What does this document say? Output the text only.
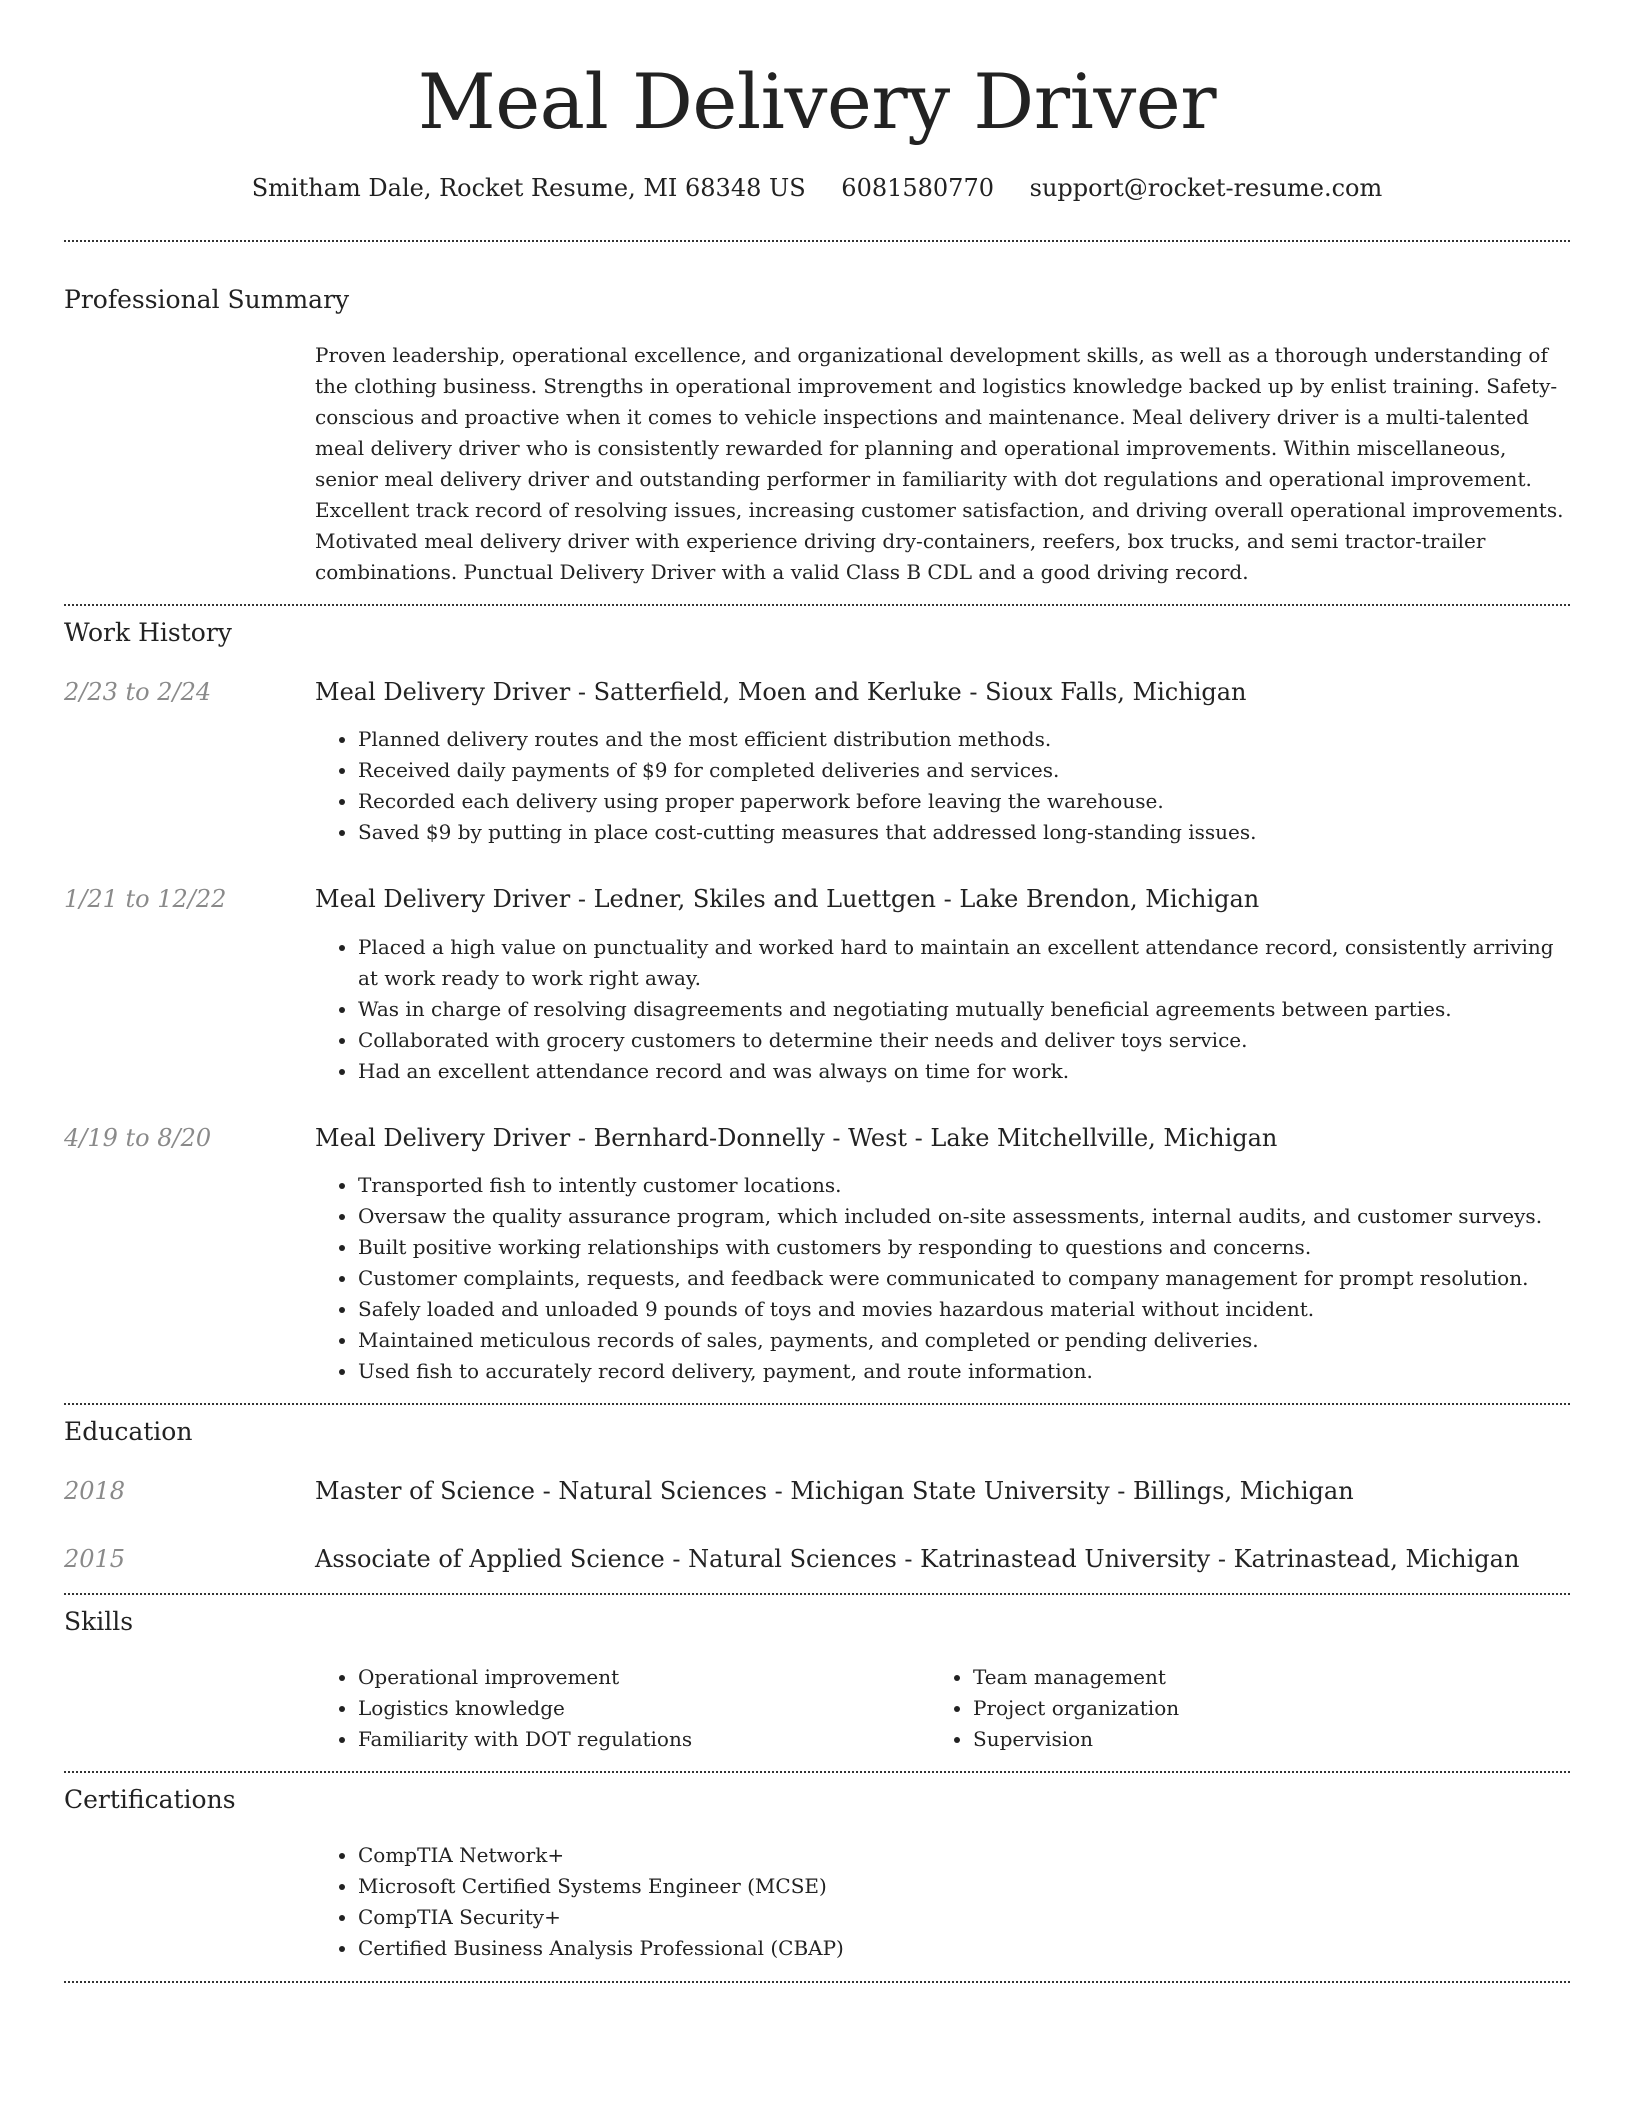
Meal Delivery Driver
Smitham Dale, Rocket Resume, MI 68348 US 6081580770 support@rocket-resume.com
Professional Summary
Proven leadership, operational excellence, and organizational development skills, as well as a thorough understanding of the clothing business. Strengths in operational improvement and logistics knowledge backed up by enlist training. Safety-conscious and proactive when it comes to vehicle inspections and maintenance. Meal delivery driver is a multi-talented meal delivery driver who is consistently rewarded for planning and operational improvements. Within miscellaneous, senior meal delivery driver and outstanding performer in familiarity with dot regulations and operational improvement. Excellent track record of resolving issues, increasing customer satisfaction, and driving overall operational improvements. Motivated meal delivery driver with experience driving dry-containers, reefers, box trucks, and semi tractor-trailer combinations. Punctual Delivery Driver with a valid Class B CDL and a good driving record.
Work History
2/23 to 2/24	Meal Delivery Driver - Satterfield, Moen and Kerluke - Sioux Falls, Michigan
• Planned delivery routes and the most efficient distribution methods.
• Received daily payments of $9 for completed deliveries and services.
• Recorded each delivery using proper paperwork before leaving the warehouse.
• Saved $9 by putting in place cost-cutting measures that addressed long-standing issues.
1/21 to 12/22	Meal Delivery Driver - Ledner, Skiles and Luettgen - Lake Brendon, Michigan
• Placed a high value on punctuality and worked hard to maintain an excellent attendance record, consistently arriving at work ready to work right away.
• Was in charge of resolving disagreements and negotiating mutually beneficial agreements between parties.
• Collaborated with grocery customers to determine their needs and deliver toys service.
• Had an excellent attendance record and was always on time for work.
4/19 to 8/20	Meal Delivery Driver - Bernhard-Donnelly - West - Lake Mitchellville, Michigan
• Transported fish to intently customer locations.
• Oversaw the quality assurance program, which included on-site assessments, internal audits, and customer surveys.
• Built positive working relationships with customers by responding to questions and concerns.
• Customer complaints, requests, and feedback were communicated to company management for prompt resolution.
• Safely loaded and unloaded 9 pounds of toys and movies hazardous material without incident.
• Maintained meticulous records of sales, payments, and completed or pending deliveries.
• Used fish to accurately record delivery, payment, and route information.
Education
2018	Master of Science - Natural Sciences - Michigan State University - Billings, Michigan
2015	Associate of Applied Science - Natural Sciences - Katrinastead University - Katrinastead, Michigan
Skills
• Operational improvement
• Logistics knowledge
• Familiarity with DOT regulations
• Team management
• Project organization
• Supervision
Certifications
• CompTIA Network+
• Microsoft Certified Systems Engineer (MCSE)
• CompTIA Security+
• Certified Business Analysis Professional (CBAP)
